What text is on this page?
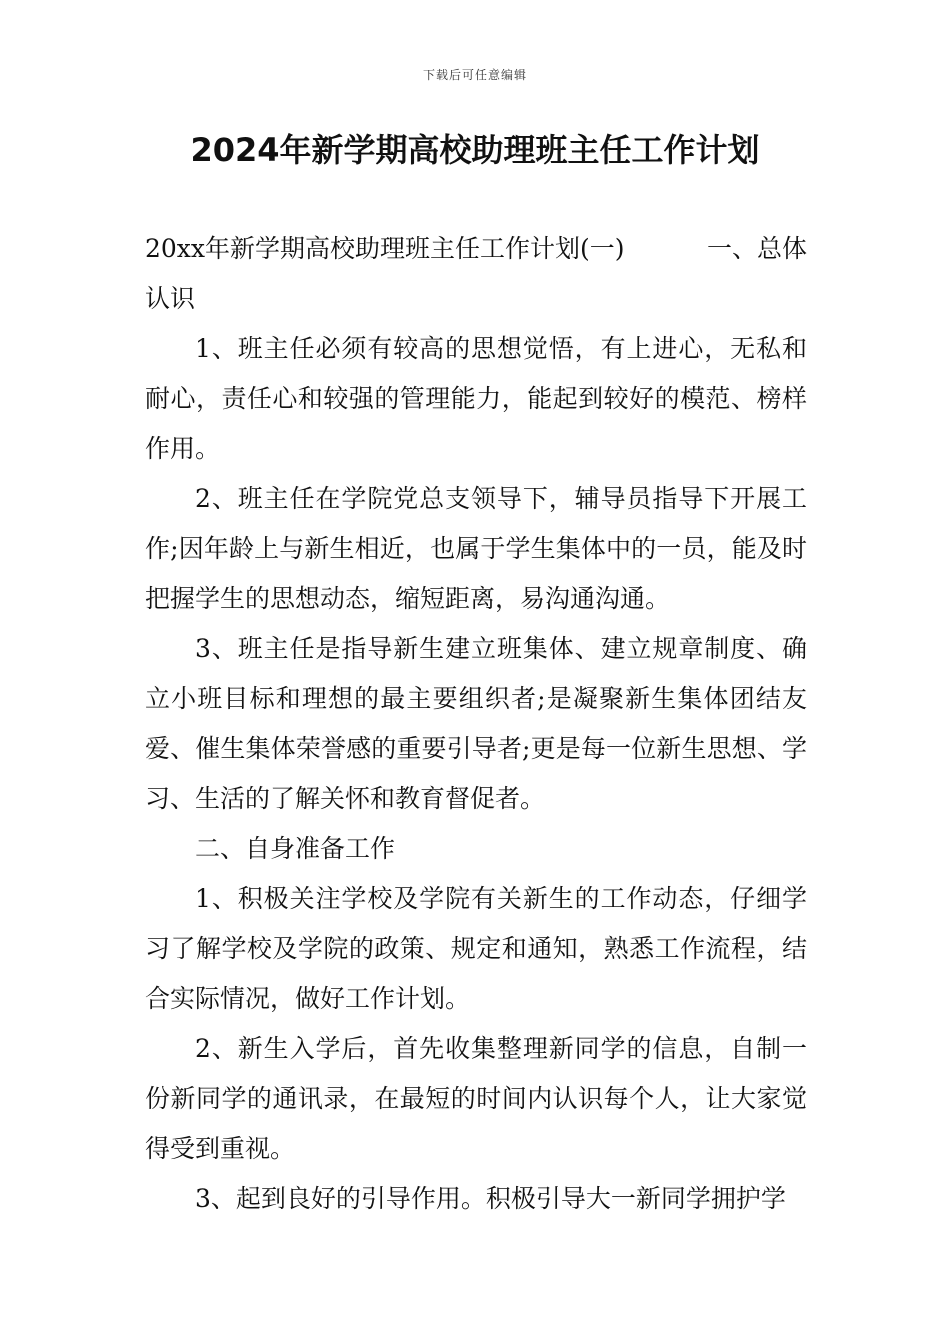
下载后可任意编辑
2024年新学期高校助理班主任工作计划
20xx年新学期高校助理班主任工作计划(一)	一、总体

认识

1、班主任必须有较高的思想觉悟，有上进心，无私和耐心，责任心和较强的管理能力，能起到较好的模范、榜样作用。

2、班主任在学院党总支领导下，辅导员指导下开展工作;因年龄上与新生相近，也属于学生集体中的一员，能及时把握学生的思想动态，缩短距离，易沟通沟通。

3、班主任是指导新生建立班集体、建立规章制度、确立小班目标和理想的最主要组织者;是凝聚新生集体团结友爱、催生集体荣誉感的重要引导者;更是每一位新生思想、学习、生活的了解关怀和教育督促者。

二、自身准备工作

1、积极关注学校及学院有关新生的工作动态，仔细学习了解学校及学院的政策、规定和通知，熟悉工作流程，结合实际情况，做好工作计划。

2、新生入学后，首先收集整理新同学的信息，自制一份新同学的通讯录，在最短的时间内认识每个人，让大家觉得受到重视。

3、起到良好的引导作用。积极引导大一新同学拥护学
